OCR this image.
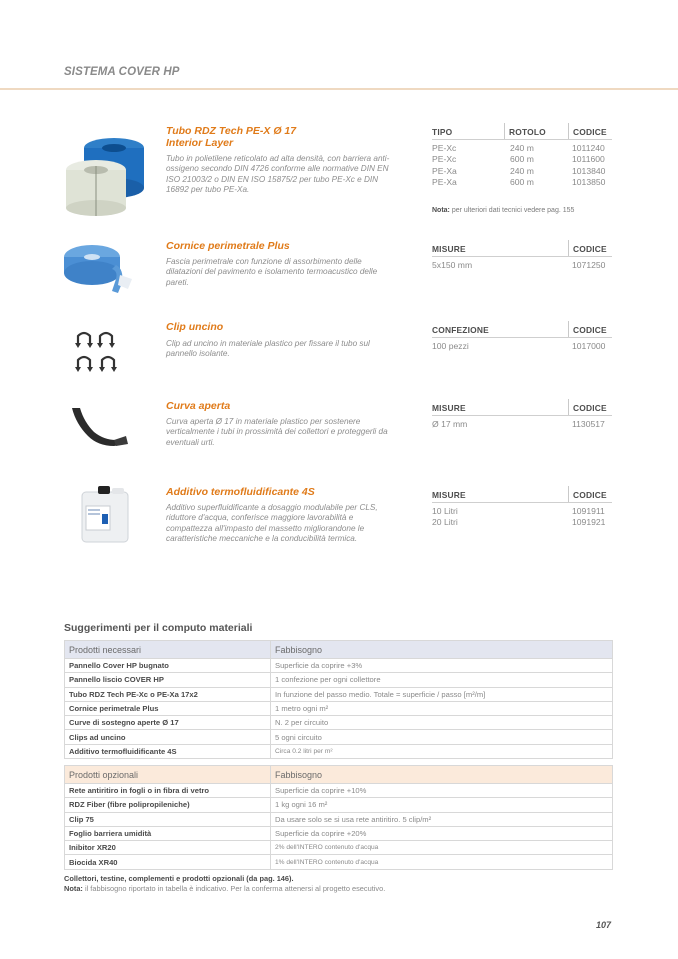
SISTEMA COVER HP
Tubo RDZ Tech PE-X Ø 17
Interior Layer
Tubo in polietilene reticolato ad alta densità, con barriera anti-ossigeno secondo DIN 4726 conforme alle normative DIN EN ISO 21003/2 o DIN EN ISO 15875/2 per tubo PE-Xc e DIN 16892 per tubo PE-Xa.
TIPO	ROTOLO	CODICE
PE-Xc	240 m	1011240
PE-Xc	600 m	1011600
PE-Xa	240 m	1013840
PE-Xa	600 m	1013850
Nota: per ulteriori dati tecnici vedere pag. 155
Cornice perimetrale Plus
Fascia perimetrale con funzione di assorbimento delle dilatazioni del pavimento e isolamento termoacustico delle pareti.
MISURE	CODICE
5x150 mm	1071250
Clip uncino
Clip ad uncino in materiale plastico per fissare il tubo sul pannello isolante.
CONFEZIONE	CODICE
100 pezzi	1017000
Curva aperta
Curva aperta Ø 17 in materiale plastico per sostenere verticalmente i tubi in prossimità dei collettori e proteggerli da eventuali urti.
MISURE	CODICE
Ø 17 mm	1130517
Additivo termofluidificante 4S
Additivo superfluidificante a dosaggio modulabile per CLS, riduttore d'acqua, conferisce maggiore lavorabilità e compattezza all'impasto del massetto migliorandone le caratteristiche meccaniche e la conducibilità termica.
MISURE	CODICE
10 Litri	1091911
20 Litri	1091921
Suggerimenti per il computo materiali
Prodotti necessari	Fabbisogno
Pannello Cover HP bugnato	Superficie da coprire +3%
Pannello liscio COVER HP	1 confezione per ogni collettore
Tubo RDZ Tech PE-Xc o PE-Xa 17x2	In funzione del passo medio. Totale = superficie / passo [m²/m]
Cornice perimetrale Plus	1 metro ogni m²
Curve di sostegno aperte Ø 17	N. 2 per circuito
Clips ad uncino	5 ogni circuito
Additivo termofluidificante 4S	Circa 0.2 litri per m²
Prodotti opzionali	Fabbisogno
Rete antiritiro in fogli o in fibra di vetro	Superficie da coprire +10%
RDZ Fiber (fibre polipropileniche)	1 kg ogni 16 m²
Clip 75	Da usare solo se si usa rete antiritiro. 5 clip/m²
Foglio barriera umidità	Superficie da coprire +20%
Inibitor XR20	2% dell'INTERO contenuto d'acqua
Biocida XR40	1% dell'INTERO contenuto d'acqua
Collettori, testine, complementi e prodotti opzionali (da pag. 146).
Nota: il fabbisogno riportato in tabella è indicativo. Per la conferma attenersi al progetto esecutivo.
107
